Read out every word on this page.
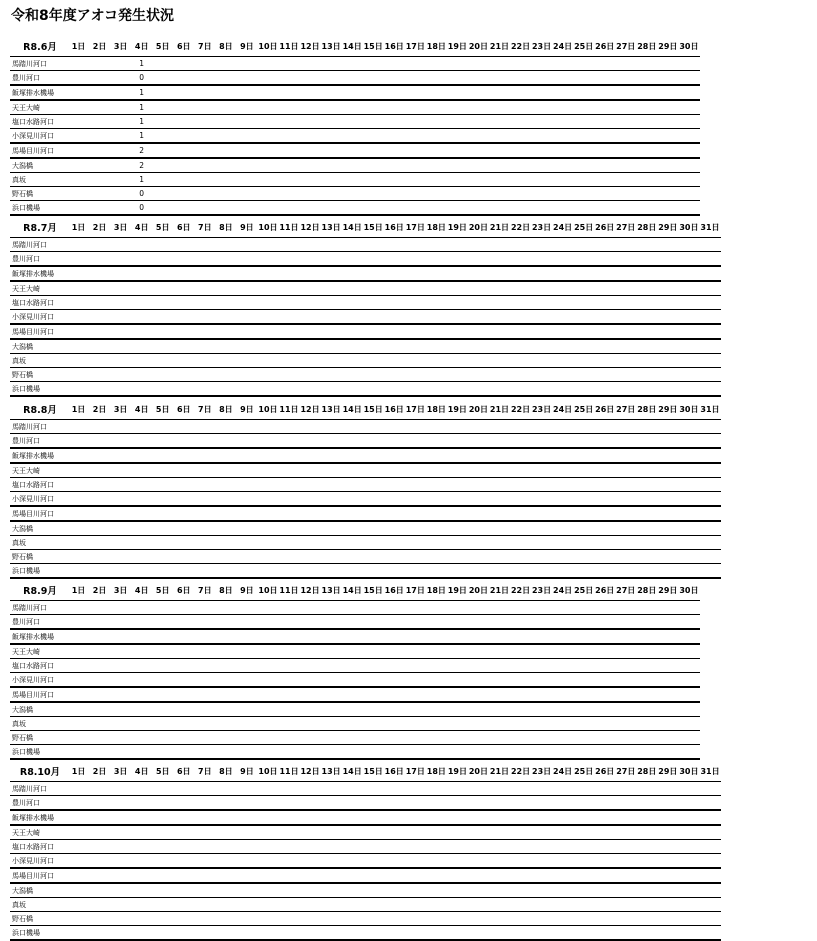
令和8年度アオコ発生状況
R8.6月	1日	2日	3日	4日	5日	6日	7日	8日	9日	10日	11日	12日	13日	14日	15日	16日	17日	18日	19日	20日	21日	22日	23日	24日	25日	26日	27日	28日	29日	30日
馬踏川河口				1																										
豊川河口				0																										
飯塚排水機場				1																										
天王大崎				1																										
塩口水路河口				1																										
小深見川河口				1																										
馬場目川河口				2																										
大潟橋				2																										
真坂				1																										
野石橋				0																										
浜口機場				0																										
R8.7月	1日	2日	3日	4日	5日	6日	7日	8日	9日	10日	11日	12日	13日	14日	15日	16日	17日	18日	19日	20日	21日	22日	23日	24日	25日	26日	27日	28日	29日	30日	31日
馬踏川河口																															
豊川河口																															
飯塚排水機場																															
天王大崎																															
塩口水路河口																															
小深見川河口																															
馬場目川河口																															
大潟橋																															
真坂																															
野石橋																															
浜口機場																															
R8.8月	1日	2日	3日	4日	5日	6日	7日	8日	9日	10日	11日	12日	13日	14日	15日	16日	17日	18日	19日	20日	21日	22日	23日	24日	25日	26日	27日	28日	29日	30日	31日
馬踏川河口																															
豊川河口																															
飯塚排水機場																															
天王大崎																															
塩口水路河口																															
小深見川河口																															
馬場目川河口																															
大潟橋																															
真坂																															
野石橋																															
浜口機場																															
R8.9月	1日	2日	3日	4日	5日	6日	7日	8日	9日	10日	11日	12日	13日	14日	15日	16日	17日	18日	19日	20日	21日	22日	23日	24日	25日	26日	27日	28日	29日	30日
馬踏川河口																														
豊川河口																														
飯塚排水機場																														
天王大崎																														
塩口水路河口																														
小深見川河口																														
馬場目川河口																														
大潟橋																														
真坂																														
野石橋																														
浜口機場																														
R8.10月	1日	2日	3日	4日	5日	6日	7日	8日	9日	10日	11日	12日	13日	14日	15日	16日	17日	18日	19日	20日	21日	22日	23日	24日	25日	26日	27日	28日	29日	30日	31日
馬踏川河口																															
豊川河口																															
飯塚排水機場																															
天王大崎																															
塩口水路河口																															
小深見川河口																															
馬場目川河口																															
大潟橋																															
真坂																															
野石橋																															
浜口機場																															
